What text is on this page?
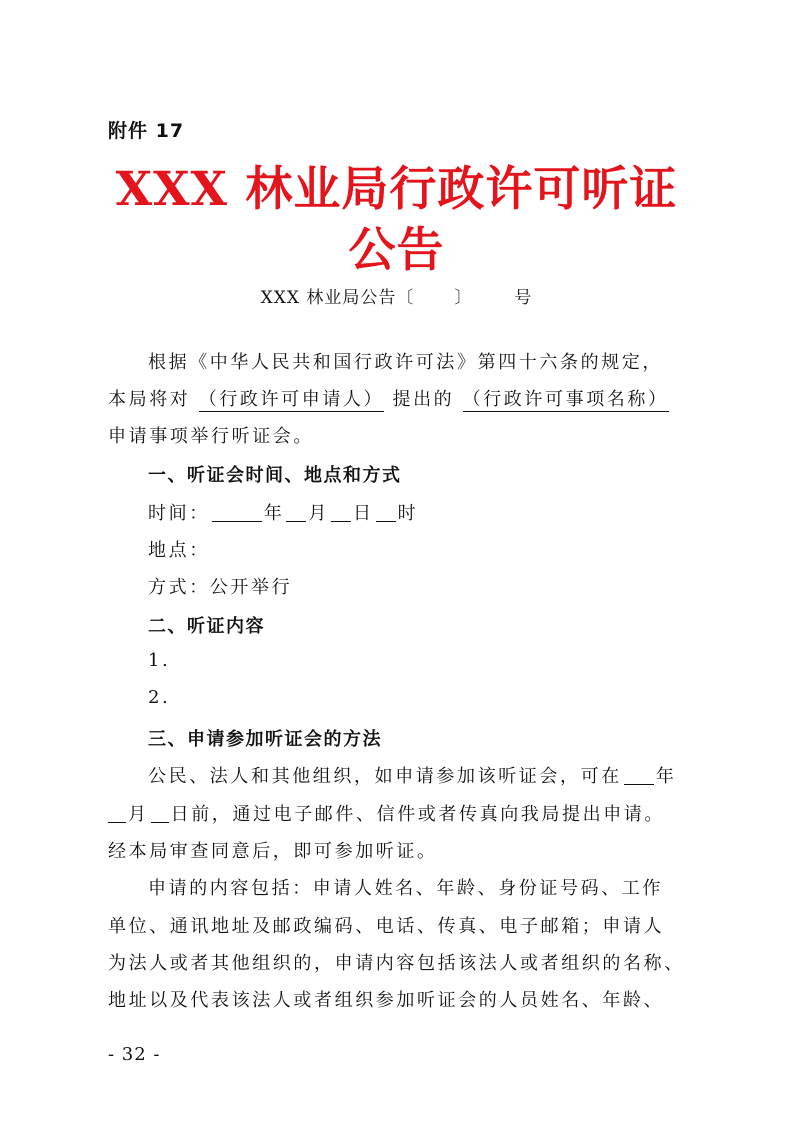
附件 17
XXX 林业局行政许可听证
公告
XXX 林业局公告〔 〕 号
根据《中华人民共和国行政许可法》第四十六条的规定，
本局将对 （行政许可申请人） 提出的 （行政许可事项名称）
申请事项举行听证会。
一、听证会时间、地点和方式
时间：	年 月 日 时
地点：
方式：公开举行
二、听证内容
1.
2.
三、申请参加听证会的方法
公民、法人和其他组织，如申请参加该听证会，可在 年
月 日前，通过电子邮件、信件或者传真向我局提出申请。
经本局审查同意后，即可参加听证。
申请的内容包括：申请人姓名、年龄、身份证号码、工作
单位、通讯地址及邮政编码、电话、传真、电子邮箱；申请人
为法人或者其他组织的，申请内容包括该法人或者组织的名称、
地址以及代表该法人或者组织参加听证会的人员姓名、年龄、
- 32 -
